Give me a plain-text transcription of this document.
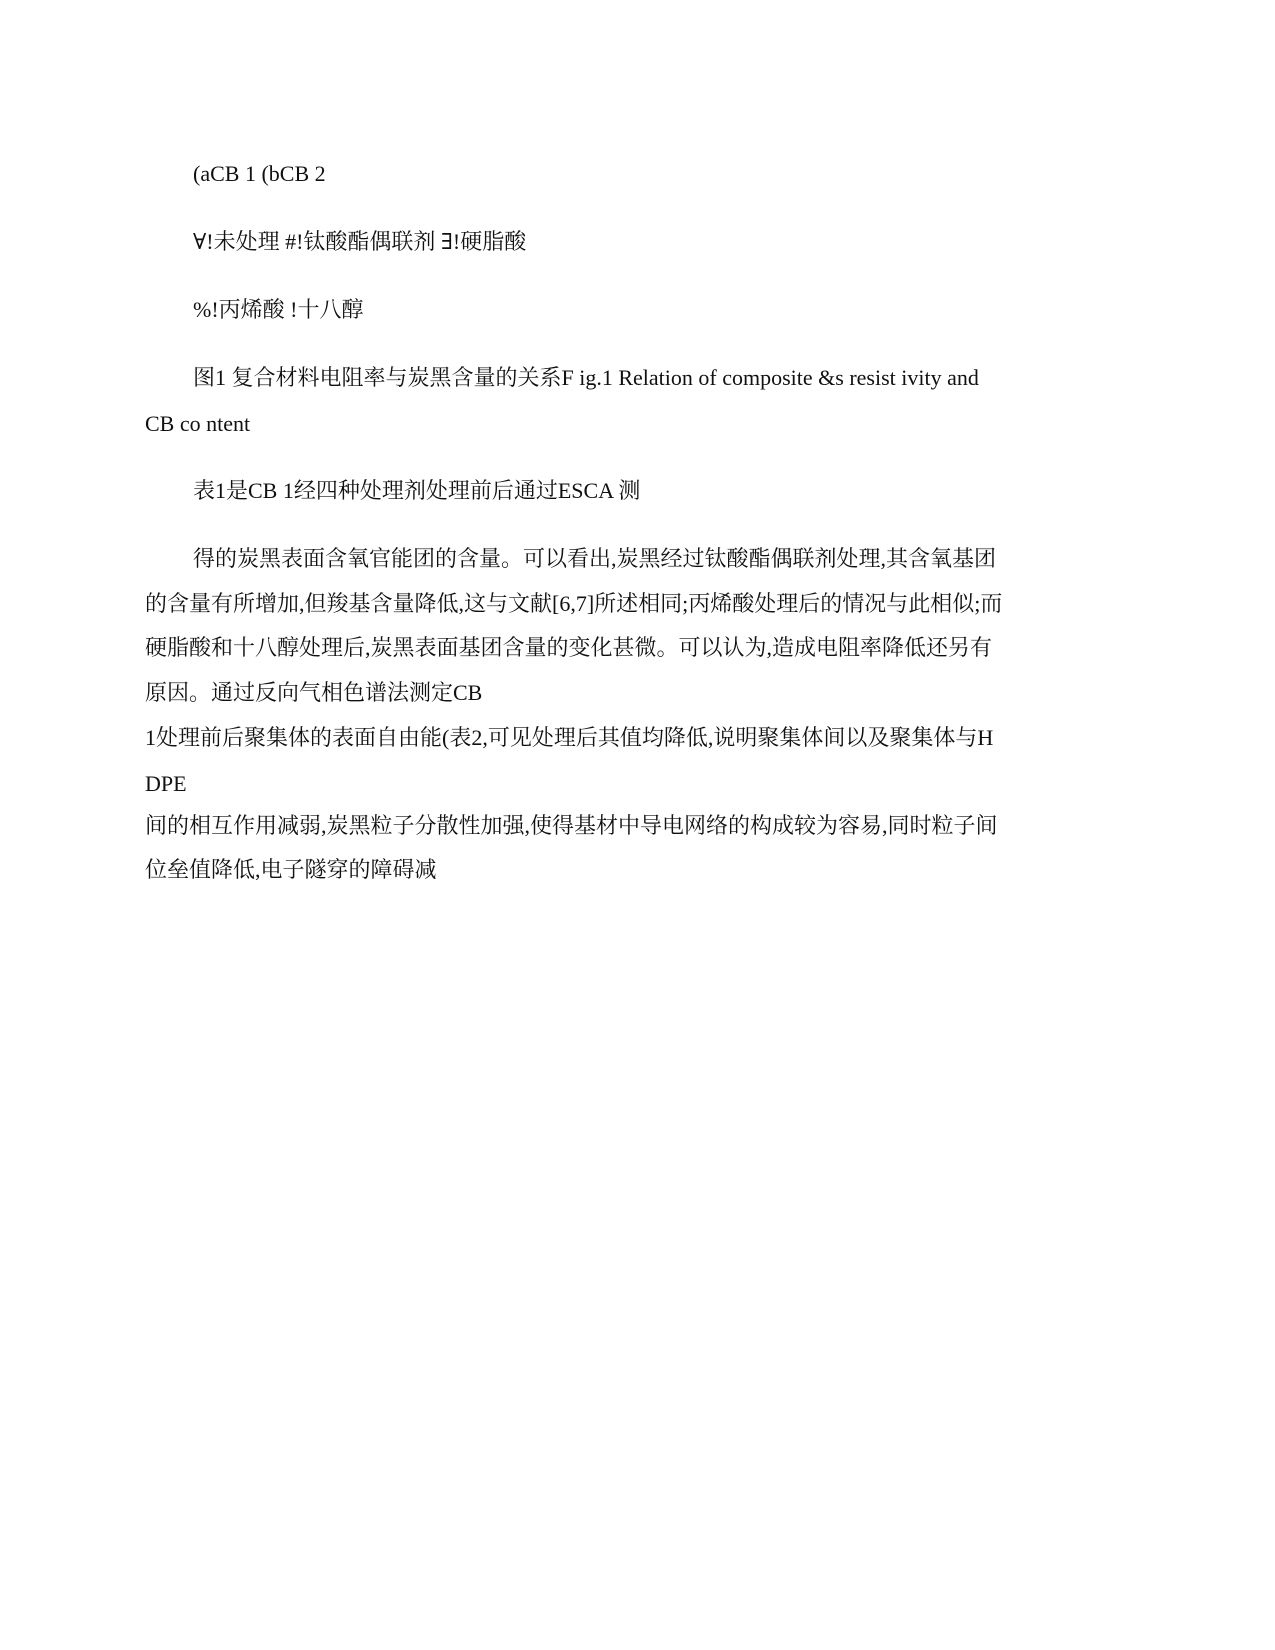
(aCB 1 (bCB 2
∀!未处理 #!钛酸酯偶联剂 ∃!硬脂酸
%!丙烯酸 !十八醇
图1 复合材料电阻率与炭黑含量的关系F ig.1 Relation of composite &s resist ivity and
CB co ntent
表1是CB 1经四种处理剂处理前后通过ESCA 测
得的炭黑表面含氧官能团的含量。可以看出,炭黑经过钛酸酯偶联剂处理,其含氧基团
的含量有所增加,但羧基含量降低,这与文献[6,7]所述相同;丙烯酸处理后的情况与此相似;而
硬脂酸和十八醇处理后,炭黑表面基团含量的变化甚微。可以认为,造成电阻率降低还另有
原因。通过反向气相色谱法测定CB
1处理前后聚集体的表面自由能(表2,可见处理后其值均降低,说明聚集体间以及聚集体与H
DPE
间的相互作用减弱,炭黑粒子分散性加强,使得基材中导电网络的构成较为容易,同时粒子间
位垒值降低,电子隧穿的障碍减
